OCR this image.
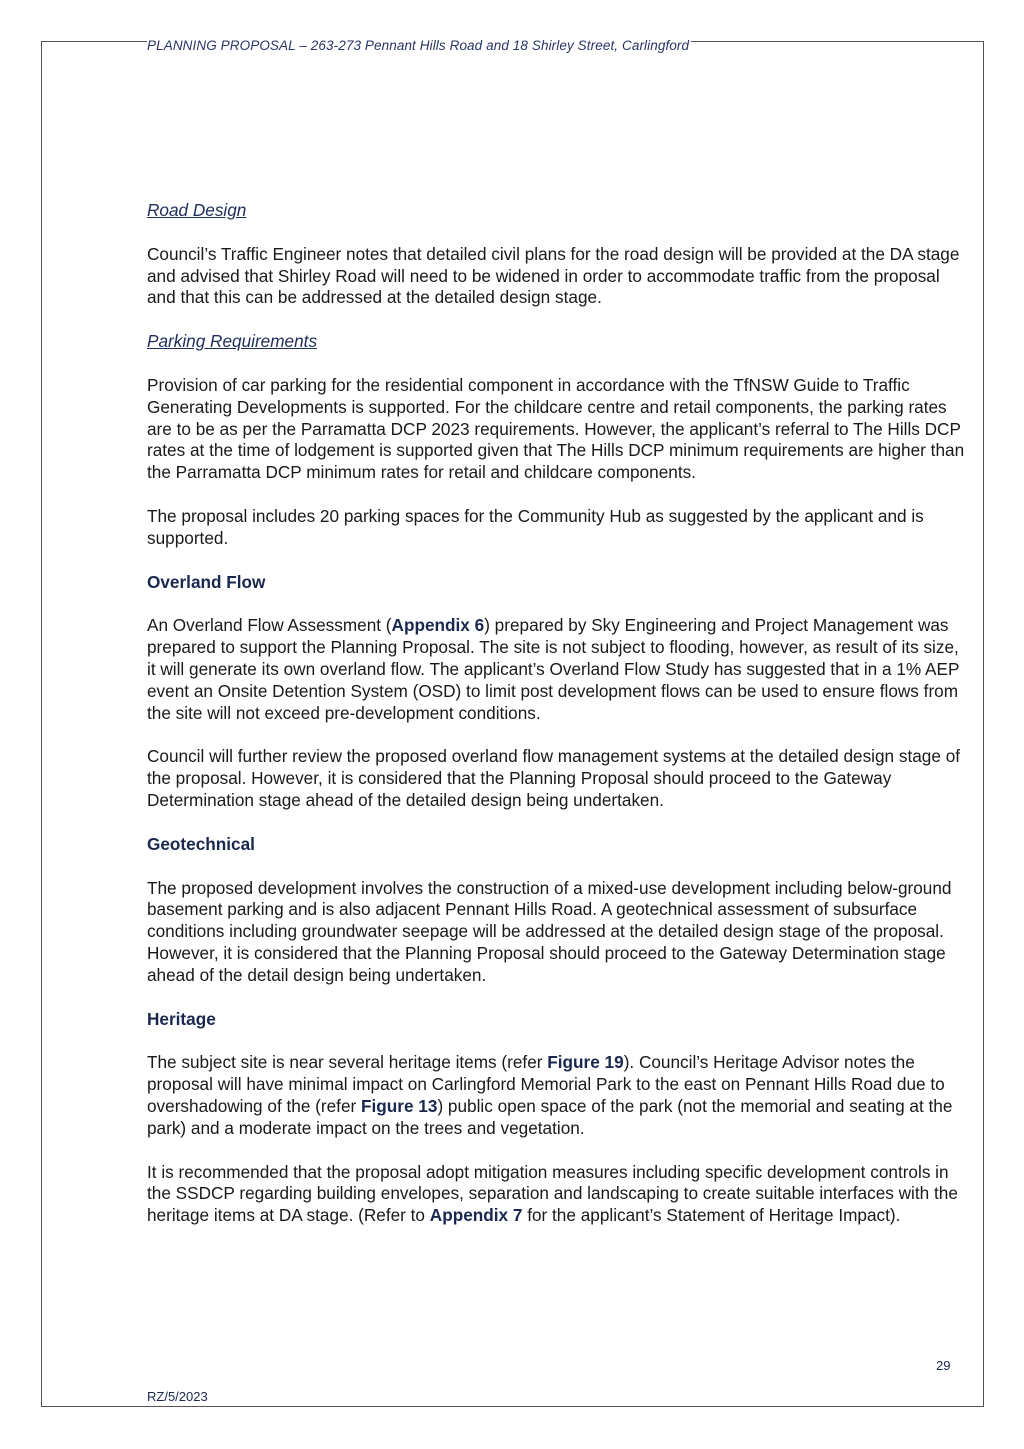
PLANNING PROPOSAL – 263-273 Pennant Hills Road and 18 Shirley Street, Carlingford

Road Design

Council’s Traffic Engineer notes that detailed civil plans for the road design will be provided at the DA stage and advised that Shirley Road will need to be widened in order to accommodate traffic from the proposal and that this can be addressed at the detailed design stage.

Parking Requirements

Provision of car parking for the residential component in accordance with the TfNSW Guide to Traffic Generating Developments is supported. For the childcare centre and retail components, the parking rates are to be as per the Parramatta DCP 2023 requirements. However, the applicant’s referral to The Hills DCP rates at the time of lodgement is supported given that The Hills DCP minimum requirements are higher than the Parramatta DCP minimum rates for retail and childcare components.

The proposal includes 20 parking spaces for the Community Hub as suggested by the applicant and is supported.

Overland Flow

An Overland Flow Assessment (Appendix 6) prepared by Sky Engineering and Project Management was prepared to support the Planning Proposal. The site is not subject to flooding, however, as result of its size, it will generate its own overland flow. The applicant’s Overland Flow Study has suggested that in a 1% AEP event an Onsite Detention System (OSD) to limit post development flows can be used to ensure flows from the site will not exceed pre-development conditions.

Council will further review the proposed overland flow management systems at the detailed design stage of the proposal. However, it is considered that the Planning Proposal should proceed to the Gateway Determination stage ahead of the detailed design being undertaken.

Geotechnical

The proposed development involves the construction of a mixed-use development including below-ground basement parking and is also adjacent Pennant Hills Road. A geotechnical assessment of subsurface conditions including groundwater seepage will be addressed at the detailed design stage of the proposal. However, it is considered that the Planning Proposal should proceed to the Gateway Determination stage ahead of the detail design being undertaken.

Heritage

The subject site is near several heritage items (refer Figure 19). Council’s Heritage Advisor notes the proposal will have minimal impact on Carlingford Memorial Park to the east on Pennant Hills Road due to overshadowing of the (refer Figure 13) public open space of the park (not the memorial and seating at the park) and a moderate impact on the trees and vegetation.

It is recommended that the proposal adopt mitigation measures including specific development controls in the SSDCP regarding building envelopes, separation and landscaping to create suitable interfaces with the heritage items at DA stage. (Refer to Appendix 7 for the applicant’s Statement of Heritage Impact).

29
RZ/5/2023
